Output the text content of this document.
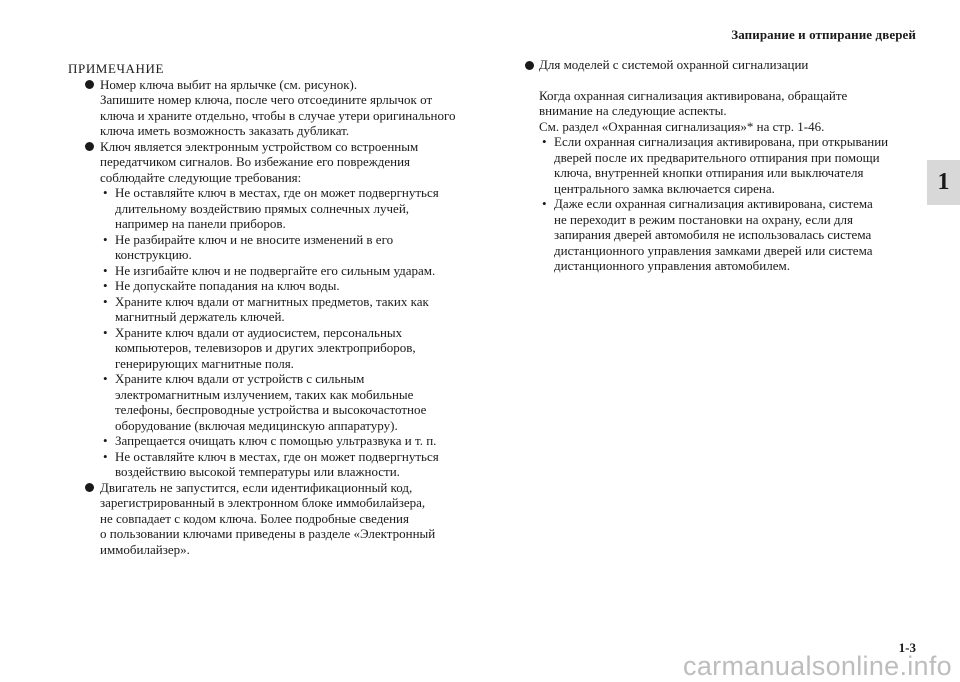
Запирание и отпирание дверей
1
ПРИМЕЧАНИЕ
Номер ключа выбит на ярлычке (см. рисунок).
Запишите номер ключа, после чего отсоедините ярлычок от
ключа и храните отдельно, чтобы в случае утери оригинального
ключа иметь возможность заказать дубликат.
Ключ является электронным устройством со встроенным
передатчиком сигналов. Во избежание его повреждения
соблюдайте следующие требования:
• Не оставляйте ключ в местах, где он может подвергнуться
длительному воздействию прямых солнечных лучей,
например на панели приборов.
• Не разбирайте ключ и не вносите изменений в его
конструкцию.
• Не изгибайте ключ и не подвергайте его сильным ударам.
• Не допускайте попадания на ключ воды.
• Храните ключ вдали от магнитных предметов, таких как
магнитный держатель ключей.
• Храните ключ вдали от аудиосистем, персональных
компьютеров, телевизоров и других электроприборов,
генерирующих магнитные поля.
• Храните ключ вдали от устройств с сильным
электромагнитным излучением, таких как мобильные
телефоны, беспроводные устройства и высокочастотное
оборудование (включая медицинскую аппаратуру).
• Запрещается очищать ключ с помощью ультразвука и т. п.
• Не оставляйте ключ в местах, где он может подвергнуться
воздействию высокой температуры или влажности.
Двигатель не запустится, если идентификационный код,
зарегистрированный в электронном блоке иммобилайзера,
не совпадает с кодом ключа. Более подробные сведения
о пользовании ключами приведены в разделе «Электронный
иммобилайзер».
Для моделей с системой охранной сигнализации
Когда охранная сигнализация активирована, обращайте
внимание на следующие аспекты.
См. раздел «Охранная сигнализация»* на стр. 1-46.
• Если охранная сигнализация активирована, при открывании
дверей после их предварительного отпирания при помощи
ключа, внутренней кнопки отпирания или выключателя
центрального замка включается сирена.
• Даже если охранная сигнализация активирована, система
не переходит в режим постановки на охрану, если для
запирания дверей автомобиля не использовалась система
дистанционного управления замками дверей или система
дистанционного управления автомобилем.
1-3
carmanualsonline.info
